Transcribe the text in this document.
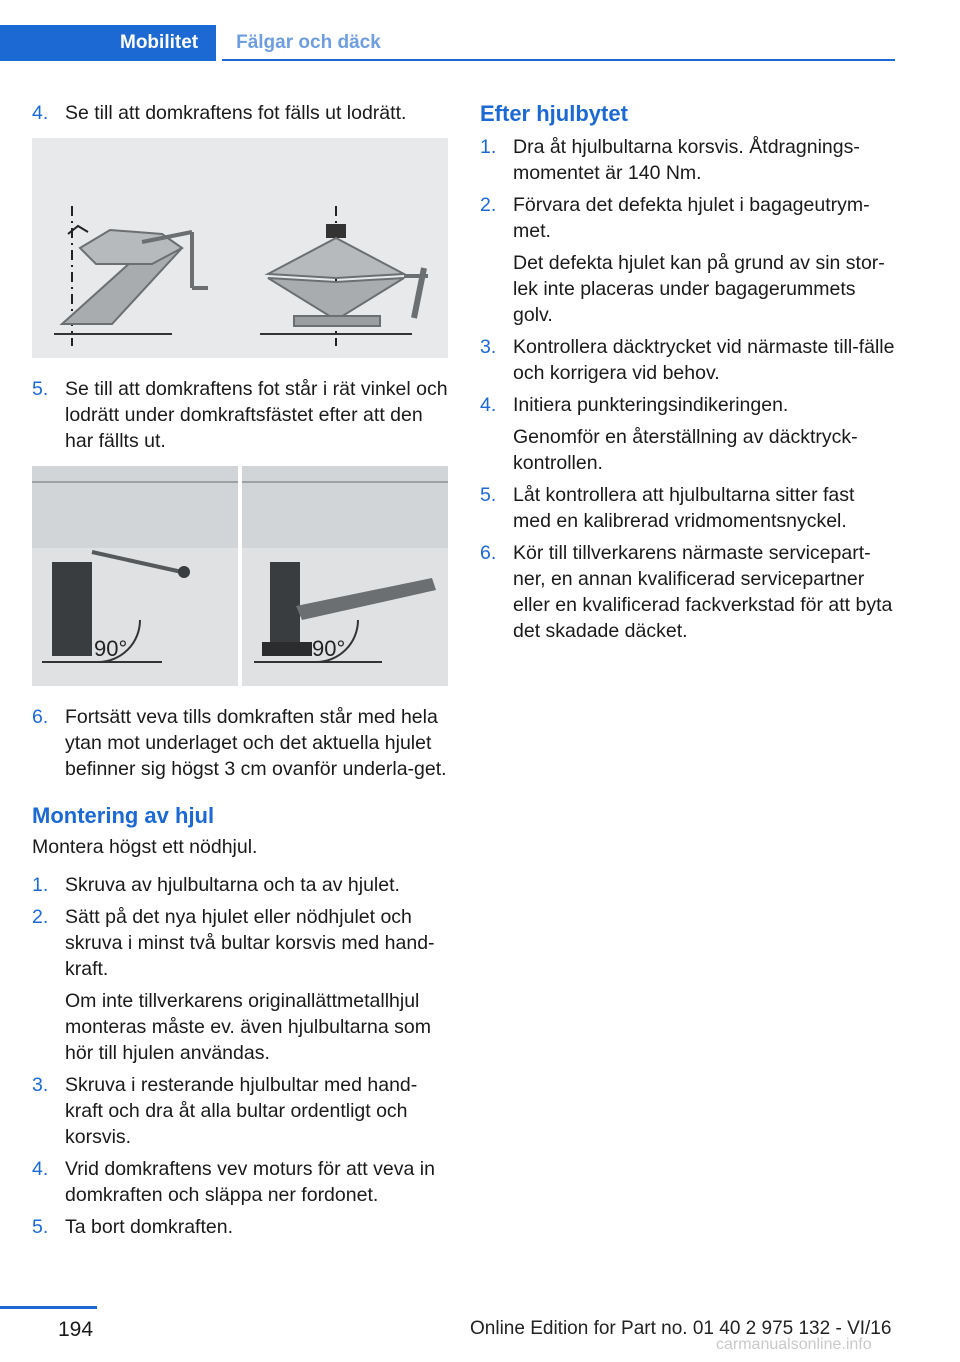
Mobilitet	Fälgar och däck
4. Se till att domkraftens fot fälls ut lodrätt.

5. Se till att domkraftens fot står i rät vinkel och lodrätt under domkraftsfästet efter att den har fällts ut.

90°	90°
6. Fortsätt veva tills domkraften står med hela ytan mot underlaget och det aktuella hjulet befinner sig högst 3 cm ovanför underla‐get.

Montering av hjul

Montera högst ett nödhjul.

1. Skruva av hjulbultarna och ta av hjulet.

2. Sätt på det nya hjulet eller nödhjulet och skruva i minst två bultar korsvis med hand‐kraft.

Om inte tillverkarens originallättmetallhjul monteras måste ev. även hjulbultarna som hör till hjulen användas.

3. Skruva i resterande hjulbultar med hand‐kraft och dra åt alla bultar ordentligt och korsvis.

4. Vrid domkraftens vev moturs för att veva in domkraften och släppa ner fordonet.

5. Ta bort domkraften.

Efter hjulbytet
1. Dra åt hjulbultarna korsvis. Åtdragnings‐momentet är 140 Nm.

2. Förvara det defekta hjulet i bagageutrym‐met.

Det defekta hjulet kan på grund av sin stor‐lek inte placeras under bagagerummets golv.

3. Kontrollera däcktrycket vid närmaste till‐fälle och korrigera vid behov.

4. Initiera punkteringsindikeringen.

Genomför en återställning av däcktryck‐kontrollen.

5. Låt kontrollera att hjulbultarna sitter fast med en kalibrerad vridmomentsnyckel.

6. Kör till tillverkarens närmaste servicepart‐ner, en annan kvalificerad servicepartner eller en kvalificerad fackverkstad för att byta det skadade däcket.

194	Online Edition for Part no. 01 40 2 975 132 - VI/16
carmanualsonline.info
